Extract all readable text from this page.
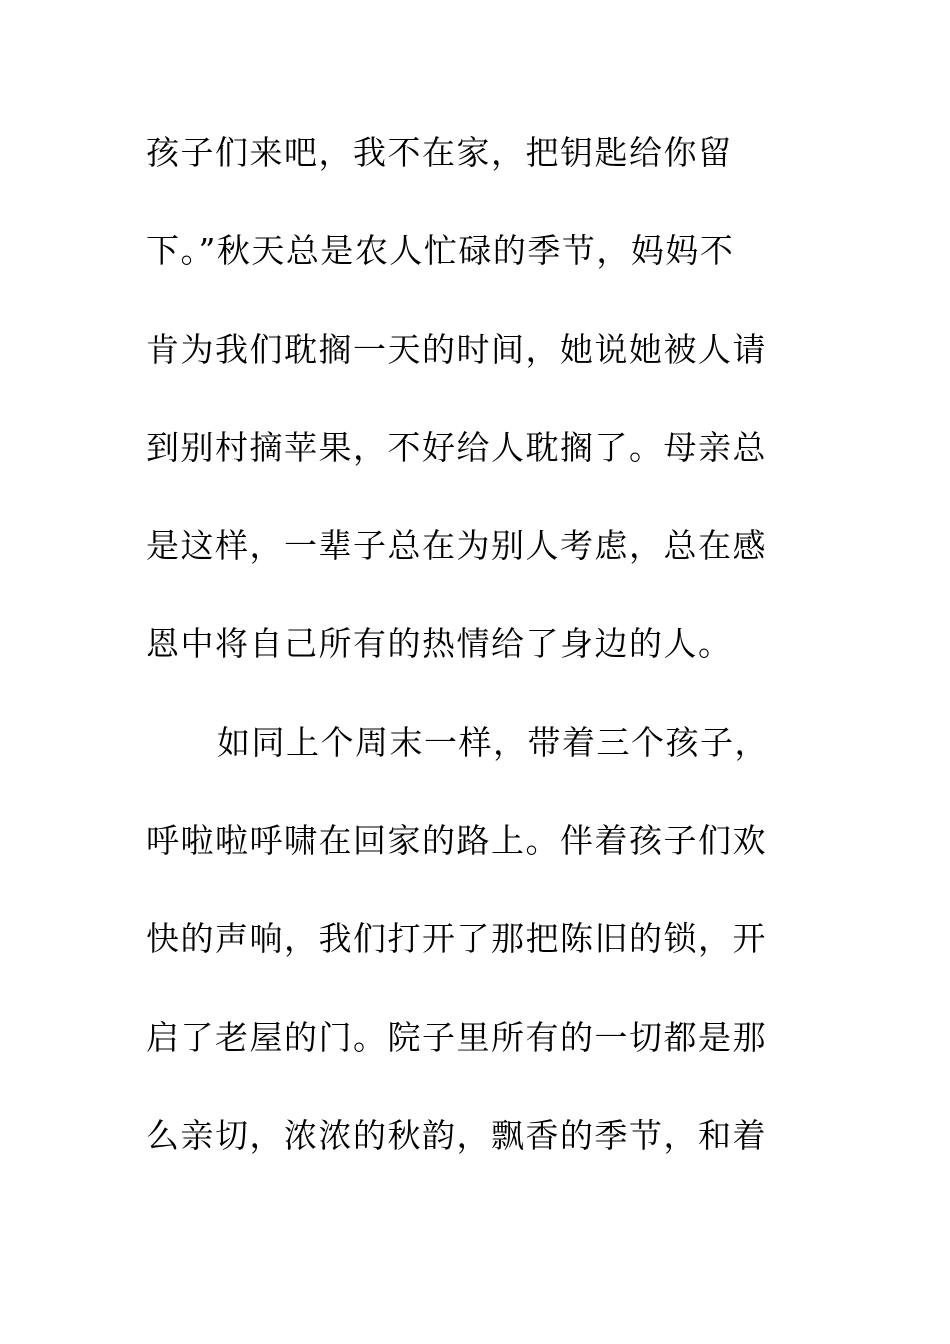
孩子们来吧，我不在家，把钥匙给你留
下。”秋天总是农人忙碌的季节，妈妈不
肯为我们耽搁一天的时间，她说她被人请
到别村摘苹果，不好给人耽搁了。母亲总
是这样，一辈子总在为别人考虑，总在感
恩中将自己所有的热情给了身边的人。
如同上个周末一样，带着三个孩子，
呼啦啦呼啸在回家的路上。伴着孩子们欢
快的声响，我们打开了那把陈旧的锁，开
启了老屋的门。院子里所有的一切都是那
么亲切，浓浓的秋韵，飘香的季节，和着
